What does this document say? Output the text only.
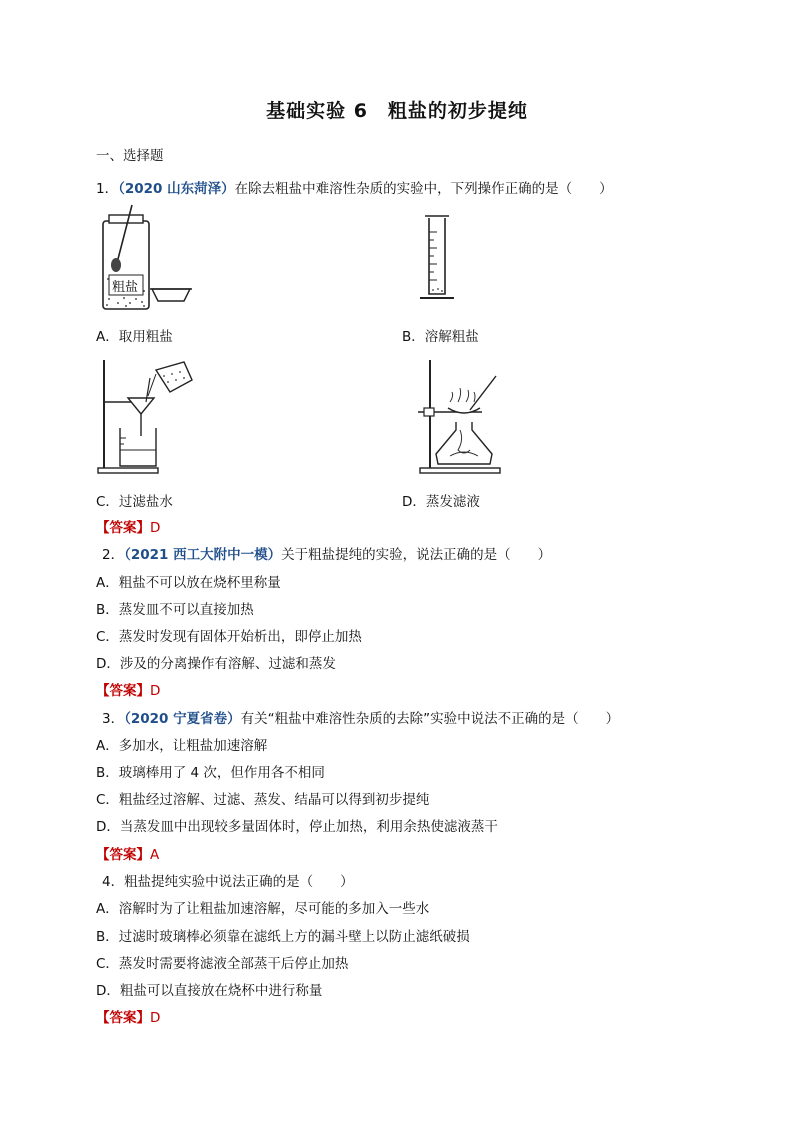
基础实验 6　粗盐的初步提纯
一、选择题
1．（2020 山东菏泽）在除去粗盐中难溶性杂质的实验中，下列操作正确的是（　　）
粗盐
A．取用粗盐	B．溶解粗盐
C．过滤盐水	D．蒸发滤液
【答案】D
2．（2021 西工大附中一模）关于粗盐提纯的实验，说法正确的是（　　）
A．粗盐不可以放在烧杯里称量
B．蒸发皿不可以直接加热
C．蒸发时发现有固体开始析出，即停止加热
D．涉及的分离操作有溶解、过滤和蒸发
【答案】D
3．（2020 宁夏省卷）有关“粗盐中难溶性杂质的去除”实验中说法不正确的是（　　）
A．多加水，让粗盐加速溶解
B．玻璃棒用了 4 次，但作用各不相同
C．粗盐经过溶解、过滤、蒸发、结晶可以得到初步提纯
D．当蒸发皿中出现较多量固体时，停止加热，利用余热使滤液蒸干
【答案】A
4．粗盐提纯实验中说法正确的是（　　）
A．溶解时为了让粗盐加速溶解，尽可能的多加入一些水
B．过滤时玻璃棒必须靠在滤纸上方的漏斗壁上以防止滤纸破损
C．蒸发时需要将滤液全部蒸干后停止加热
D．粗盐可以直接放在烧杯中进行称量
【答案】D
